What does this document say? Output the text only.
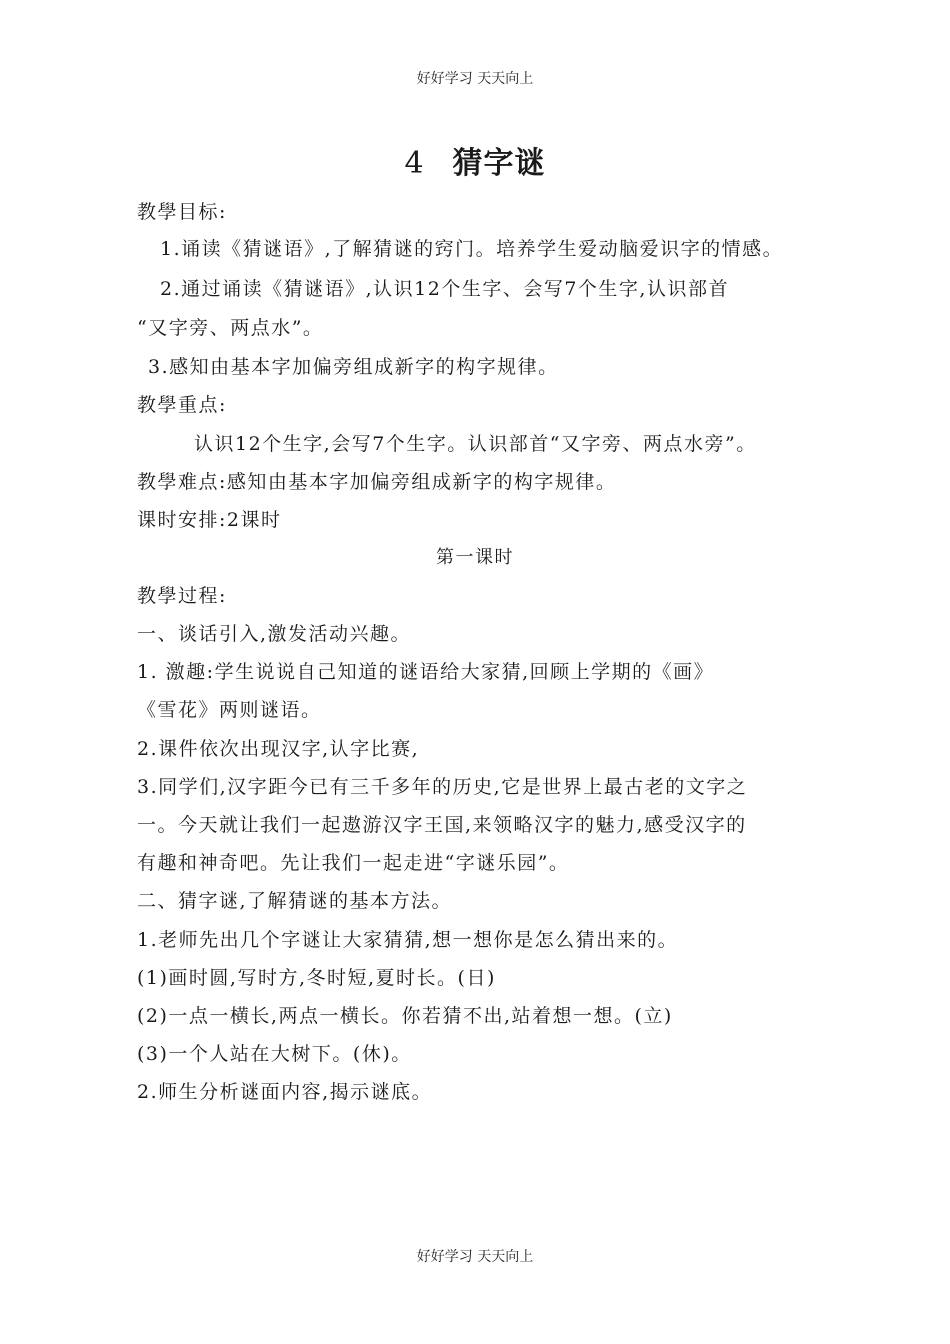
好好学习 天天向上
4 猜字谜
教學目标:
1.诵读《猜谜语》,了解猜谜的窍门。培养学生爱动脑爱识字的情感。
2.通过诵读《猜谜语》,认识12个生字、会写7个生字,认识部首
“又字旁、两点水”。
3.感知由基本字加偏旁组成新字的构字规律。
教學重点:
认识12个生字,会写7个生字。认识部首“又字旁、两点水旁”。
教學难点:感知由基本字加偏旁组成新字的构字规律。
课时安排:2课时
第一课时
教學过程:
一、谈话引入,激发活动兴趣。
1. 激趣:学生说说自己知道的谜语给大家猜,回顾上学期的《画》
《雪花》两则谜语。
2.课件依次出现汉字,认字比赛,
3.同学们,汉字距今已有三千多年的历史,它是世界上最古老的文字之
一。今天就让我们一起遨游汉字王国,来领略汉字的魅力,感受汉字的
有趣和神奇吧。先让我们一起走进“字谜乐园”。
二、猜字谜,了解猜谜的基本方法。
1.老师先出几个字谜让大家猜猜,想一想你是怎么猜出来的。
(1)画时圆,写时方,冬时短,夏时长。(日)
(2)一点一横长,两点一横长。你若猜不出,站着想一想。(立)
(3)一个人站在大树下。(休)。
2.师生分析谜面内容,揭示谜底。
好好学习 天天向上
